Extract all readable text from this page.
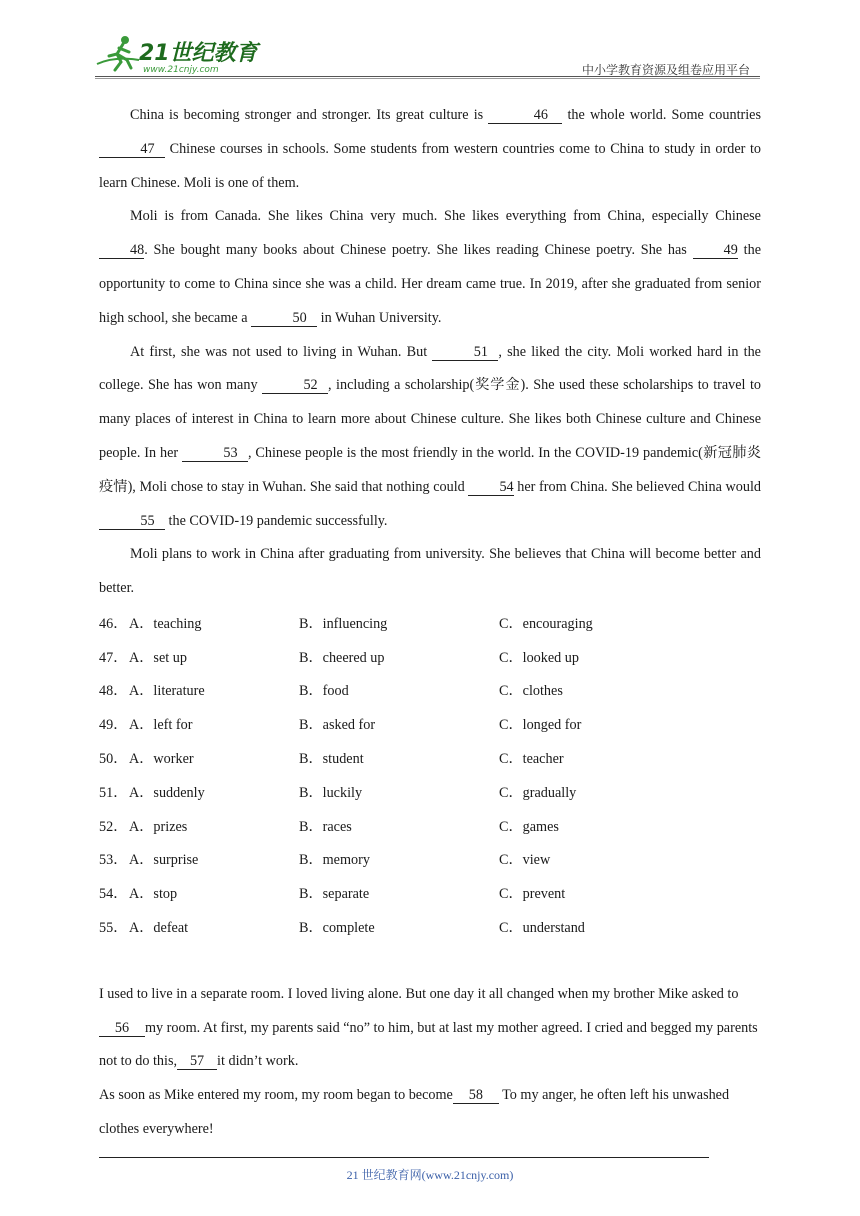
21世纪教育
www.21cnjy.com	中小学教育资源及组卷应用平台

China is becoming stronger and stronger. Its great culture is	46 the whole world. Some countries 47 Chinese courses in schools. Some students from western countries come to China to study in order to learn Chinese. Moli is one of them.

Moli is from Canada. She likes China very much. She likes everything from China, especially Chinese 48. She bought many books about Chinese poetry. She likes reading Chinese poetry. She has 49 the opportunity to come to China since she was a child. Her dream came true. In 2019, after she graduated from senior high school, she became a	50 in Wuhan University.

At first, she was not used to living in Wuhan. But	51 , she liked the city. Moli worked hard in the college. She has won many	52 , including a scholarship(奖学金). She used these scholarships to travel to many places of interest in China to learn more about Chinese culture. She likes both Chinese culture and Chinese people. In her	53 , Chinese people is the most friendly in the world. In the COVID-19 pandemic(新冠肺炎疫情), Moli chose to stay in Wuhan. She said that nothing could 54 her from China. She believed China would 55 the COVID-19 pandemic successfully.

Moli plans to work in China after graduating from university. She believes that China will become better and better.

46． A．teaching	B．influencing	C．encouraging
47． A．set up	B．cheered up	C．looked up
48． A．literature	B．food	C．clothes
49． A．left for	B．asked for	C．longed for
50． A．worker	B．student	C．teacher
51． A．suddenly	B．luckily	C．gradually
52． A．prizes	B．races	C．games
53． A．surprise	B．memory	C．view
54． A．stop	B．separate	C．prevent
55． A．defeat	B．complete	C．understand

I used to live in a separate room. I loved living alone. But one day it all changed when my brother Mike asked to56 my room. At first, my parents said “no” to him, but at last my mother agreed. I cried and begged my parents not to do this, 57 it didn’t work.

As soon as Mike entered my room, my room began to become 58 To my anger, he often left his unwashed clothes everywhere!

21 世纪教育网(www.21cnjy.com)
